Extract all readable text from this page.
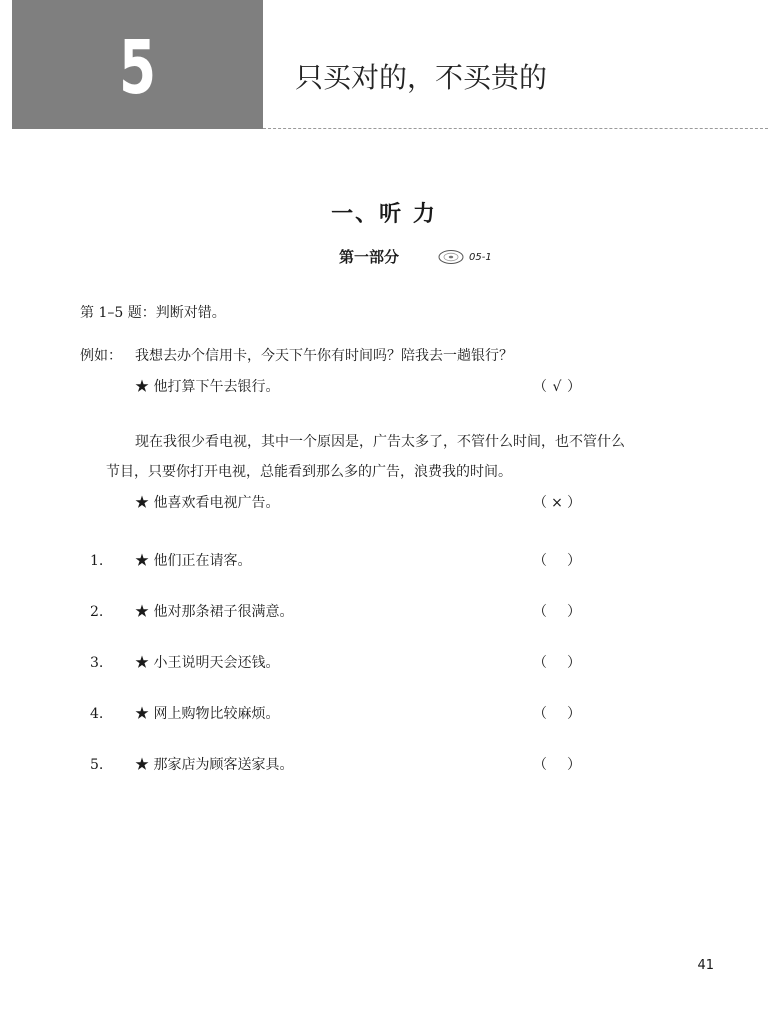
5	只买对的，不买贵的
一、听 力
第一部分	05-1
第 1–5 题：判断对错。
例如： 我想去办个信用卡，今天下午你有时间吗？陪我去一趟银行？
★ 他打算下午去银行。	（ √ ）
现在我很少看电视，其中一个原因是，广告太多了，不管什么时间，也不管什么
节目，只要你打开电视，总能看到那么多的广告，浪费我的时间。
★ 他喜欢看电视广告。	（ × ）
1. ★ 他们正在请客。	（ ）
2. ★ 他对那条裙子很满意。	（ ）
3. ★ 小王说明天会还钱。	（ ）
4. ★ 网上购物比较麻烦。	（ ）
5. ★ 那家店为顾客送家具。	（ ）
41
